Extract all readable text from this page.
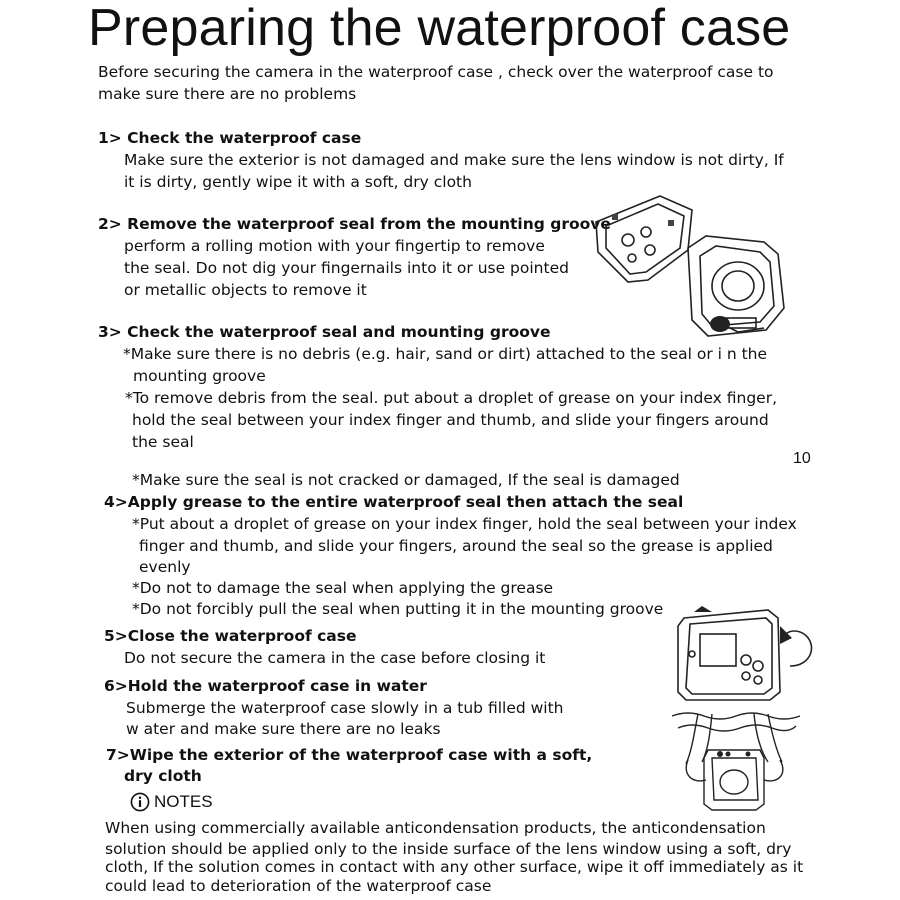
Preparing the waterproof case
Before securing the camera in the waterproof case , check over the waterproof case to
make sure there are no problems
1> Check the waterproof case
Make sure the exterior is not damaged and make sure the lens window is not dirty, If
it is dirty, gently wipe it with a soft, dry cloth
2> Remove the waterproof seal from the mounting groove
perform a rolling motion with your fingertip to remove
the seal. Do not dig your fingernails into it or use pointed
or metallic objects to remove it
3> Check the waterproof seal and mounting groove
*Make sure there is no debris (e.g. hair, sand or dirt) attached to the seal or i n the
mounting groove
*To remove debris from the seal. put about a droplet of grease on your index finger,
hold the seal between your index finger and thumb, and slide your fingers around
the seal
*Make sure the seal is not cracked or damaged, If the seal is damaged
10
4>Apply grease to the entire waterproof seal then attach the seal
*Put about a droplet of grease on your index finger, hold the seal between your index
finger and thumb, and slide your fingers, around the seal so the grease is applied
evenly
*Do not to damage the seal when applying the grease
*Do not forcibly pull the seal when putting it in the mounting groove
5>Close the waterproof case
Do not secure the camera in the case before closing it
6>Hold the waterproof case in water
Submerge the waterproof case slowly in a tub filled with
w ater and make sure there are no leaks
7>Wipe the exterior of the waterproof case with a soft,
dry cloth
NOTES
When using commercially available anticondensation products, the anticondensation
solution should be applied only to the inside surface of the lens window using a soft, dry
cloth, If the solution comes in contact with any other surface, wipe it off immediately as it
could lead to deterioration of the waterproof case
